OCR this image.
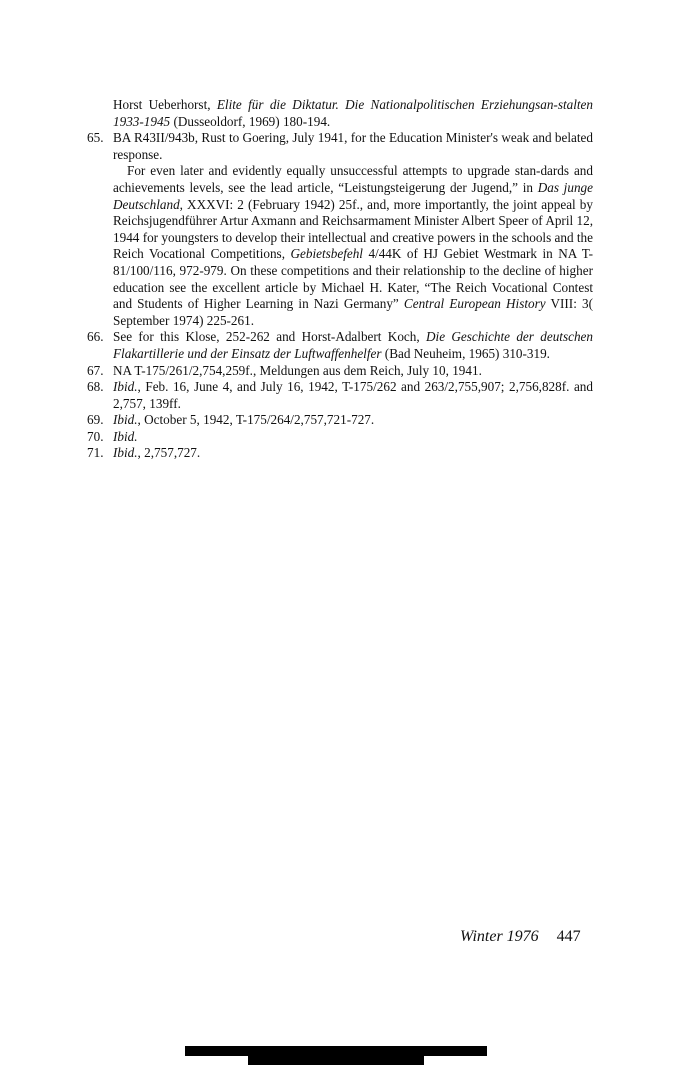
Horst Ueberhorst, Elite für die Diktatur. Die Nationalpolitischen Erziehungsan-stalten 1933-1945 (Dusseoldorf, 1969) 180-194.

65. BA R43II/943b, Rust to Goering, July 1941, for the Education Minister's weak and belated response.
For even later and evidently equally unsuccessful attempts to upgrade stan-dards and achievements levels, see the lead article, “Leistungsteigerung der Jugend,” in Das junge Deutschland, XXXVI: 2 (February 1942) 25f., and, more importantly, the joint appeal by Reichsjugendführer Artur Axmann and Reichsarmament Minister Albert Speer of April 12, 1944 for youngsters to develop their intellectual and creative powers in the schools and the Reich Vocational Competitions, Gebietsbefehl 4/44K of HJ Gebiet Westmark in NA T-81/100/116, 972-979. On these competitions and their relationship to the decline of higher education see the excellent article by Michael H. Kater, “The Reich Vocational Contest and Students of Higher Learning in Nazi Germany” Central European History VIII: 3( September 1974) 225-261.

66. See for this Klose, 252-262 and Horst-Adalbert Koch, Die Geschichte der deutschen Flakartillerie und der Einsatz der Luftwaffenhelfer (Bad Neuheim, 1965) 310-319.

67. NA T-175/261/2,754,259f., Meldungen aus dem Reich, July 10, 1941.

68. Ibid., Feb. 16, June 4, and July 16, 1942, T-175/262 and 263/2,755,907; 2,756,828f. and 2,757, 139ff.

69. Ibid., October 5, 1942, T-175/264/2,757,721-727.

70. Ibid.

71. Ibid., 2,757,727.

Winter 1976 447
